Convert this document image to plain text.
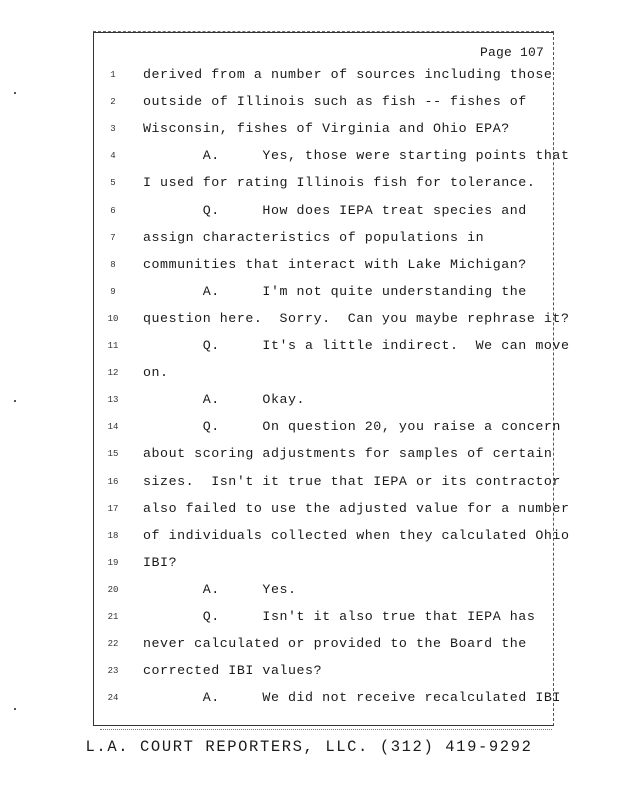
Page 107
1	derived from a number of sources including those
2	outside of Illinois such as fish -- fishes of
3	Wisconsin, fishes of Virginia and Ohio EPA?
4	A.     Yes, those were starting points that
5	I used for rating Illinois fish for tolerance.
6	Q.     How does IEPA treat species and
7	assign characteristics of populations in
8	communities that interact with Lake Michigan?
9	A.     I'm not quite understanding the
10 question here.  Sorry.  Can you maybe rephrase it?
11 Q.     It's a little indirect.  We can move
12 on.
13 A.     Okay.
14 Q.     On question 20, you raise a concern
15 about scoring adjustments for samples of certain
16 sizes.  Isn't it true that IEPA or its contractor
17 also failed to use the adjusted value for a number
18 of individuals collected when they calculated Ohio
19 IBI?
20 A.     Yes.
21 Q.     Isn't it also true that IEPA has
22 never calculated or provided to the Board the
23 corrected IBI values?
24 A.     We did not receive recalculated IBI
L.A. COURT REPORTERS, LLC. (312) 419-9292
